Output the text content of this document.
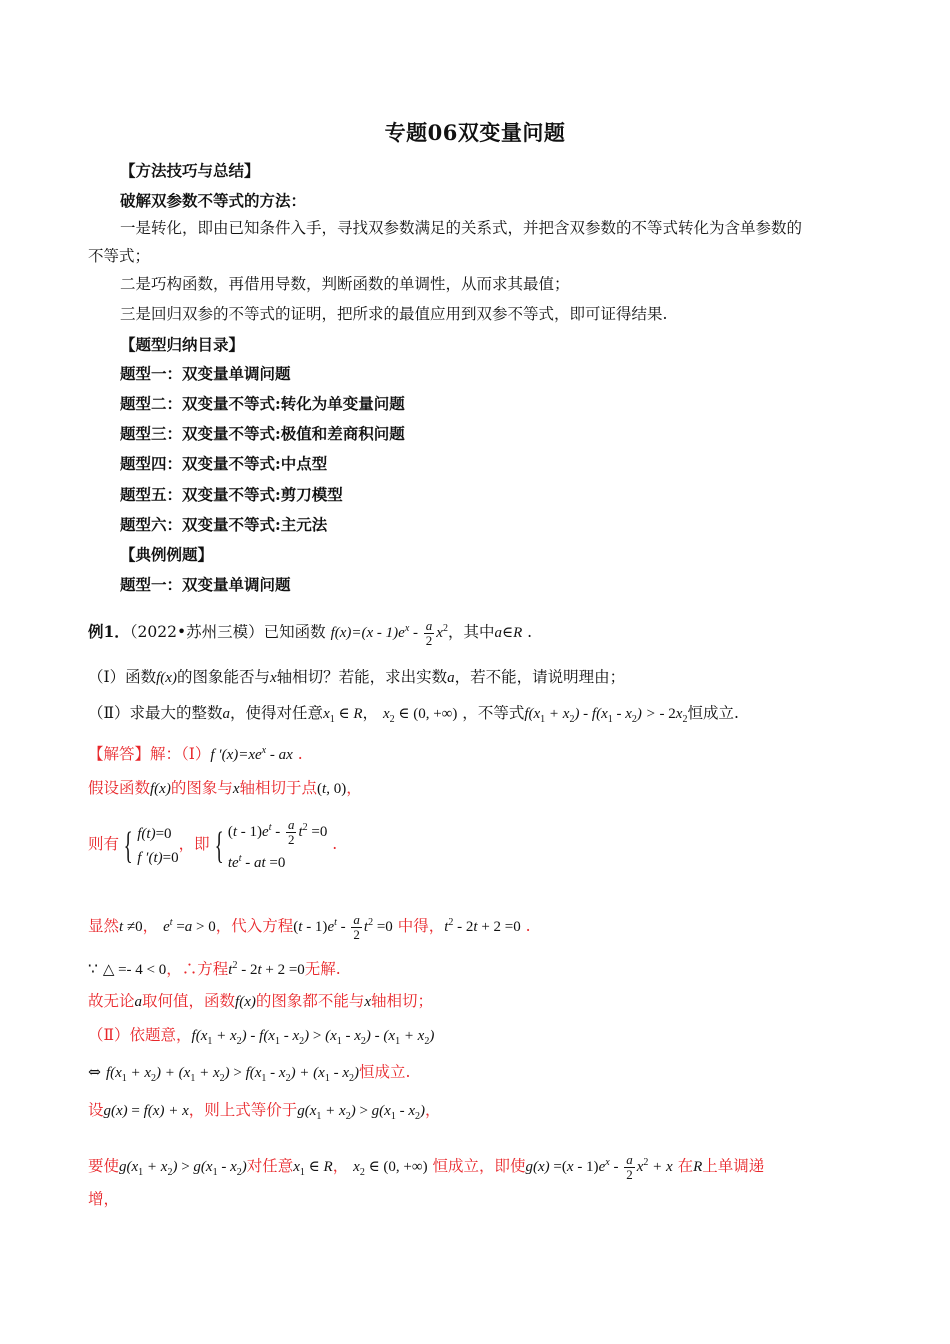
专题06双变量问题
【方法技巧与总结】
破解双参数不等式的方法：
一是转化，即由已知条件入手，寻找双参数满足的关系式，并把含双参数的不等式转化为含单参数的
不等式；
二是巧构函数，再借用导数，判断函数的单调性，从而求其最值；
三是回归双参的不等式的证明，把所求的最值应用到双参不等式，即可证得结果.
【题型归纳目录】
题型一：双变量单调问题
题型二：双变量不等式:转化为单变量问题
题型三：双变量不等式:极值和差商积问题
题型四：双变量不等式:中点型
题型五：双变量不等式:剪刀模型
题型六：双变量不等式:主元法
【典例例题】
题型一：双变量单调问题
例1．（2022•苏州三模）已知函数 $f(x)=(x - 1)e^x - \frac{a}{2} x^2$，其中a∈R .
（Ⅰ）函数f(x)的图象能否与x轴相切？若能，求出实数a，若不能，请说明理由；
（Ⅱ）求最大的整数a，使得对任意$x_1$ ∈ R， $x_2$ ∈ (0, +∞) ，不等式$f(x_1 + x_2) - f(x_1 - x_2)$ > - $2x_2$恒成立.
【解答】解：（Ⅰ）f $'(x)=xe^x$ - ax .
假设函数f(x)的图象与x轴相切于点(t, 0)，
则有 { f(t)=0
f ′(t)=0
，即 { $(t - 1)e^t - \frac{a}{2} t^2 =0$
$te^t$ - at =0
.
显然t ≠0， $e^t =a > 0$，代入方程$(t - 1)e^t - \frac{a}{2} t^2 =0$ 中得，$t^2 - 2t + 2 =0$ .
∵ △ =- 4 < 0，∴方程$t^2 - 2t + 2 =0$无解.
故无论a取何值，函数f(x)的图象都不能与x轴相切；
（Ⅱ）依题意，$f(x_1 + x_2) - f(x_1 - x_2) > (x_1 - x_2) - (x_1 + x_2)$
⇔ $f(x_1 + x_2) + (x_1 + x_2) > f(x_1 - x_2) + (x_1 - x_2)$恒成立.
设g(x) = f(x) + x，则上式等价于$g(x_1 + x_2) > g(x_1 - x_2)$，
要使$g(x_1 + x_2) > g(x_1 - x_2)$对任意$x_1$ ∈ R， $x_2$ ∈ (0, +∞) 恒成立，即使$g(x) =(x - 1)e^x - \frac{a}{2} x^2 + x$ 在R上单调递
增，
